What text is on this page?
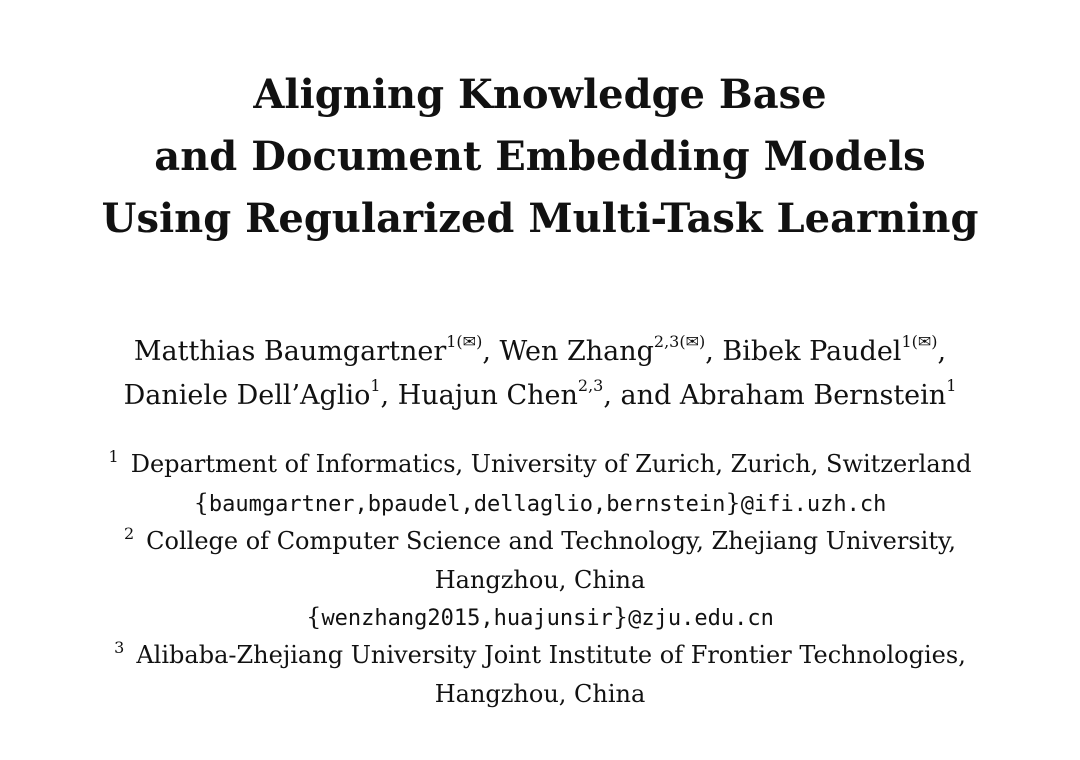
Aligning Knowledge Base
and Document Embedding Models
Using Regularized Multi-Task Learning
Matthias Baumgartner$^{1(✉)}$, Wen Zhang$^{2,3(✉)}$, Bibek Paudel$^{1(✉)}$,
Daniele Dell’Aglio$^1$, Huajun Chen$^{2,3}$, and Abraham Bernstein$^1$
$^1$ Department of Informatics, University of Zurich, Zurich, Switzerland
{baumgartner,bpaudel,dellaglio,bernstein}@ifi.uzh.ch
$^2$ College of Computer Science and Technology, Zhejiang University,
Hangzhou, China
{wenzhang2015,huajunsir}@zju.edu.cn
$^3$ Alibaba-Zhejiang University Joint Institute of Frontier Technologies,
Hangzhou, China
